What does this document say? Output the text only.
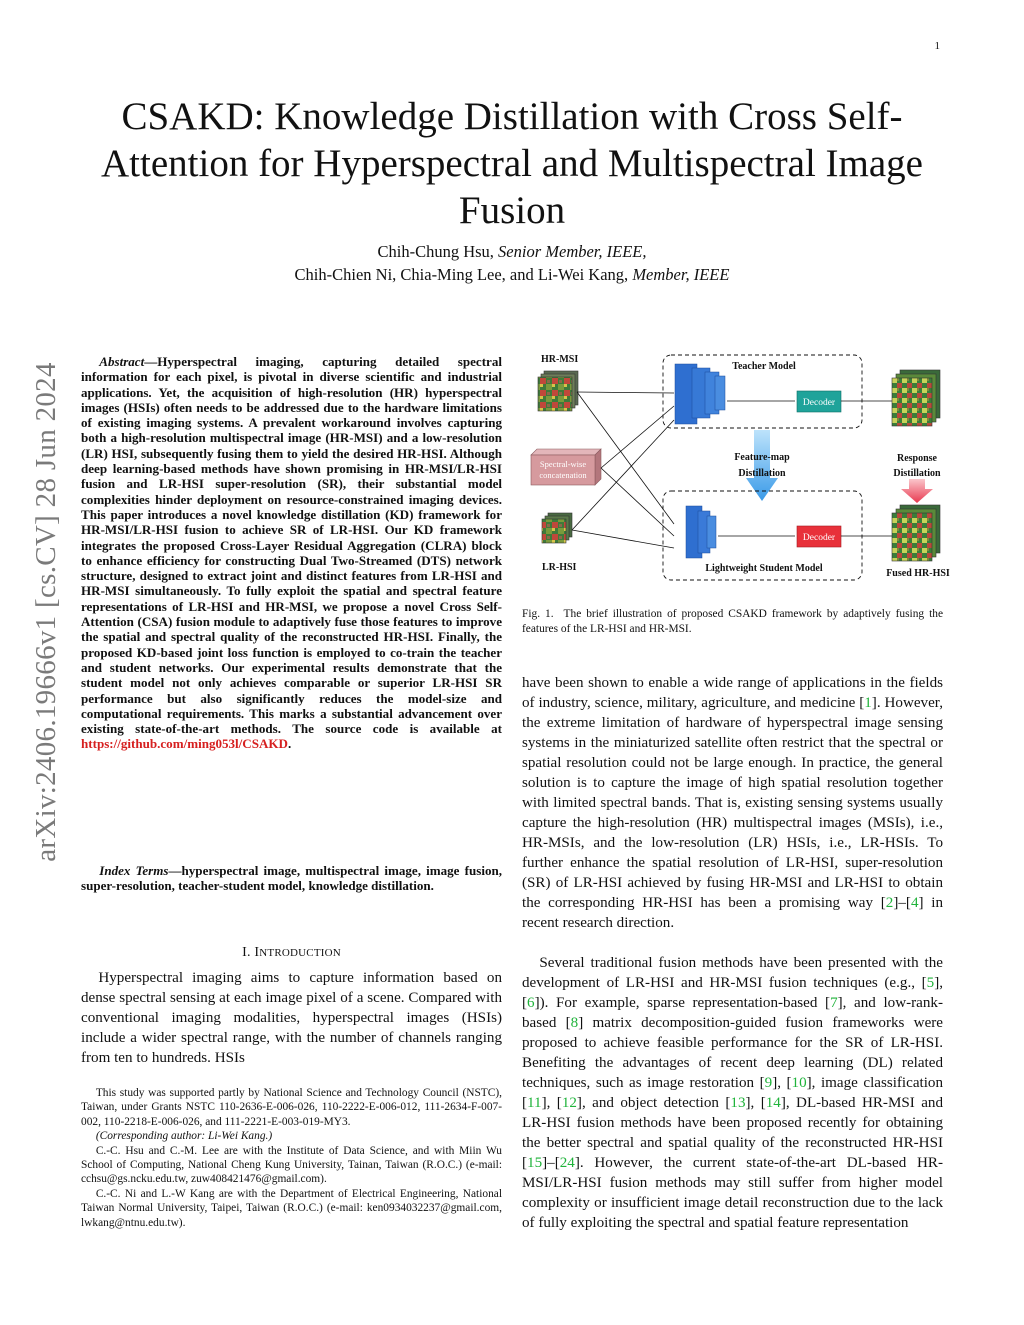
1
arXiv:2406.19666v1 [cs.CV] 28 Jun 2024
CSAKD: Knowledge Distillation with Cross Self-Attention for Hyperspectral and Multispectral Image Fusion
Chih-Chung Hsu, Senior Member, IEEE,
Chih-Chien Ni, Chia-Ming Lee, and Li-Wei Kang, Member, IEEE

Abstract—Hyperspectral imaging, capturing detailed spectral information for each pixel, is pivotal in diverse scientific and industrial applications. Yet, the acquisition of high-resolution (HR) hyperspectral images (HSIs) often needs to be addressed due to the hardware limitations of existing imaging systems. A prevalent workaround involves capturing both a high-resolution multispectral image (HR-MSI) and a low-resolution (LR) HSI, subsequently fusing them to yield the desired HR-HSI. Although deep learning-based methods have shown promising in HR-MSI/LR-HSI fusion and LR-HSI super-resolution (SR), their substantial model complexities hinder deployment on resource-constrained imaging devices. This paper introduces a novel knowledge distillation (KD) framework for HR-MSI/LR-HSI fusion to achieve SR of LR-HSI. Our KD framework integrates the proposed Cross-Layer Residual Aggregation (CLRA) block to enhance efficiency for constructing Dual Two-Streamed (DTS) network structure, designed to extract joint and distinct features from LR-HSI and HR-MSI simultaneously. To fully exploit the spatial and spectral feature representations of LR-HSI and HR-MSI, we propose a novel Cross Self-Attention (CSA) fusion module to adaptively fuse those features to improve the spatial and spectral quality of the reconstructed HR-HSI. Finally, the proposed KD-based joint loss function is employed to co-train the teacher and student networks. Our experimental results demonstrate that the student model not only achieves comparable or superior LR-HSI SR performance but also significantly reduces the model-size and computational requirements. This marks a substantial advancement over existing state-of-the-art methods. The source code is available at https://github.com/ming053l/CSAKD.

Index Terms—hyperspectral image, multispectral image, image fusion, super-resolution, teacher-student model, knowledge distillation.

I. INTRODUCTION

Hyperspectral imaging aims to capture information based on dense spectral sensing at each image pixel of a scene. Compared with conventional imaging modalities, hyperspectral images (HSIs) include a wider spectral range, with the number of channels ranging from ten to hundreds. HSIs

This study was supported partly by National Science and Technology Council (NSTC), Taiwan, under Grants NSTC 110-2636-E-006-026, 110-2222-E-006-012, 111-2634-F-007-002, 110-2218-E-006-026, and 111-2221-E-003-019-MY3.

(Corresponding author: Li-Wei Kang.)

C.-C. Hsu and C.-M. Lee are with the Institute of Data Science, and with Miin Wu School of Computing, National Cheng Kung University, Tainan, Taiwan (R.O.C.) (e-mail: cchsu@gs.ncku.edu.tw, zuw408421476@gmail.com).

C.-C. Ni and L.-W Kang are with the Department of Electrical Engineering, National Taiwan Normal University, Taipei, Taiwan (R.O.C.) (e-mail: ken0934032237@gmail.com, lwkang@ntnu.edu.tw).

HR-MSI
Spectral-wise
concatenation
LR-HSI
Teacher Model
Decoder
Feature-map
Distillation
Decoder
Lightweight Student Model
Response
Distillation
Fused HR-HSI
Fig. 1. The brief illustration of proposed CSAKD framework by adaptively fusing the features of the LR-HSI and HR-MSI.

have been shown to enable a wide range of applications in the fields of industry, science, military, agriculture, and medicine [1]. However, the extreme limitation of hardware of hyperspectral image sensing systems in the miniaturized satellite often restrict that the spectral or spatial resolution could not be large enough. In practice, the general solution is to capture the image of high spatial resolution together with limited spectral bands. That is, existing sensing systems usually capture the high-resolution (HR) multispectral images (MSIs), i.e., HR-MSIs, and the low-resolution (LR) HSIs, i.e., LR-HSIs. To further enhance the spatial resolution of LR-HSI, super-resolution (SR) of LR-HSI achieved by fusing HR-MSI and LR-HSI to obtain the corresponding HR-HSI has been a promising way [2]–[4] in recent research direction.

Several traditional fusion methods have been presented with the development of LR-HSI and HR-MSI fusion techniques (e.g., [5], [6]). For example, sparse representation-based [7], and low-rank-based [8] matrix decomposition-guided fusion frameworks were proposed to achieve feasible performance for the SR of LR-HSI. Benefiting the advantages of recent deep learning (DL) related techniques, such as image restoration [9], [10], image classification [11], [12], and object detection [13], [14], DL-based HR-MSI and LR-HSI fusion methods have been proposed recently for obtaining the better spectral and spatial quality of the reconstructed HR-HSI [15]–[24]. However, the current state-of-the-art DL-based HR-MSI/LR-HSI fusion methods may still suffer from higher model complexity or insufficient image detail reconstruction due to the lack of fully exploiting the spectral and spatial feature representation
